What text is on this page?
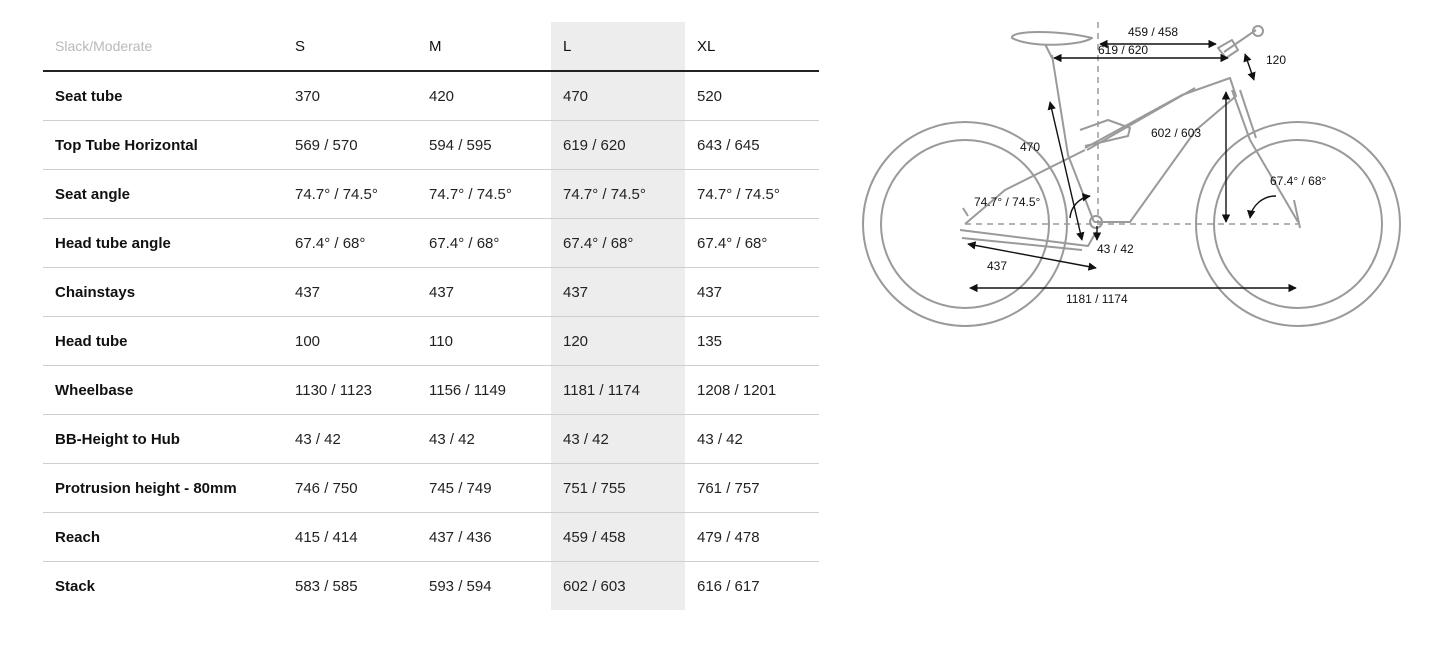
Slack/Moderate	S	M	L	XL
Seat tube	370	420	470	520
Top Tube Horizontal	569 / 570	594 / 595	619 / 620	643 / 645
Seat angle	74.7° / 74.5°	74.7° / 74.5°	74.7° / 74.5°	74.7° / 74.5°
Head tube angle	67.4° / 68°	67.4° / 68°	67.4° / 68°	67.4° / 68°
Chainstays	437	437	437	437
Head tube	100	110	120	135
Wheelbase	1130 / 1123	1156 / 1149	1181 / 1174	1208 / 1201
BB-Height to Hub	43 / 42	43 / 42	43 / 42	43 / 42
Protrusion height - 80mm	746 / 750	745 / 749	751 / 755	761 / 757
Reach	415 / 414	437 / 436	459 / 458	479 / 478
Stack	583 / 585	593 / 594	602 / 603	616 / 617
459 / 458
619 / 620
120
470
602 / 603
74.7° / 74.5°
67.4° / 68°
43 / 42
437
1181 / 1174
